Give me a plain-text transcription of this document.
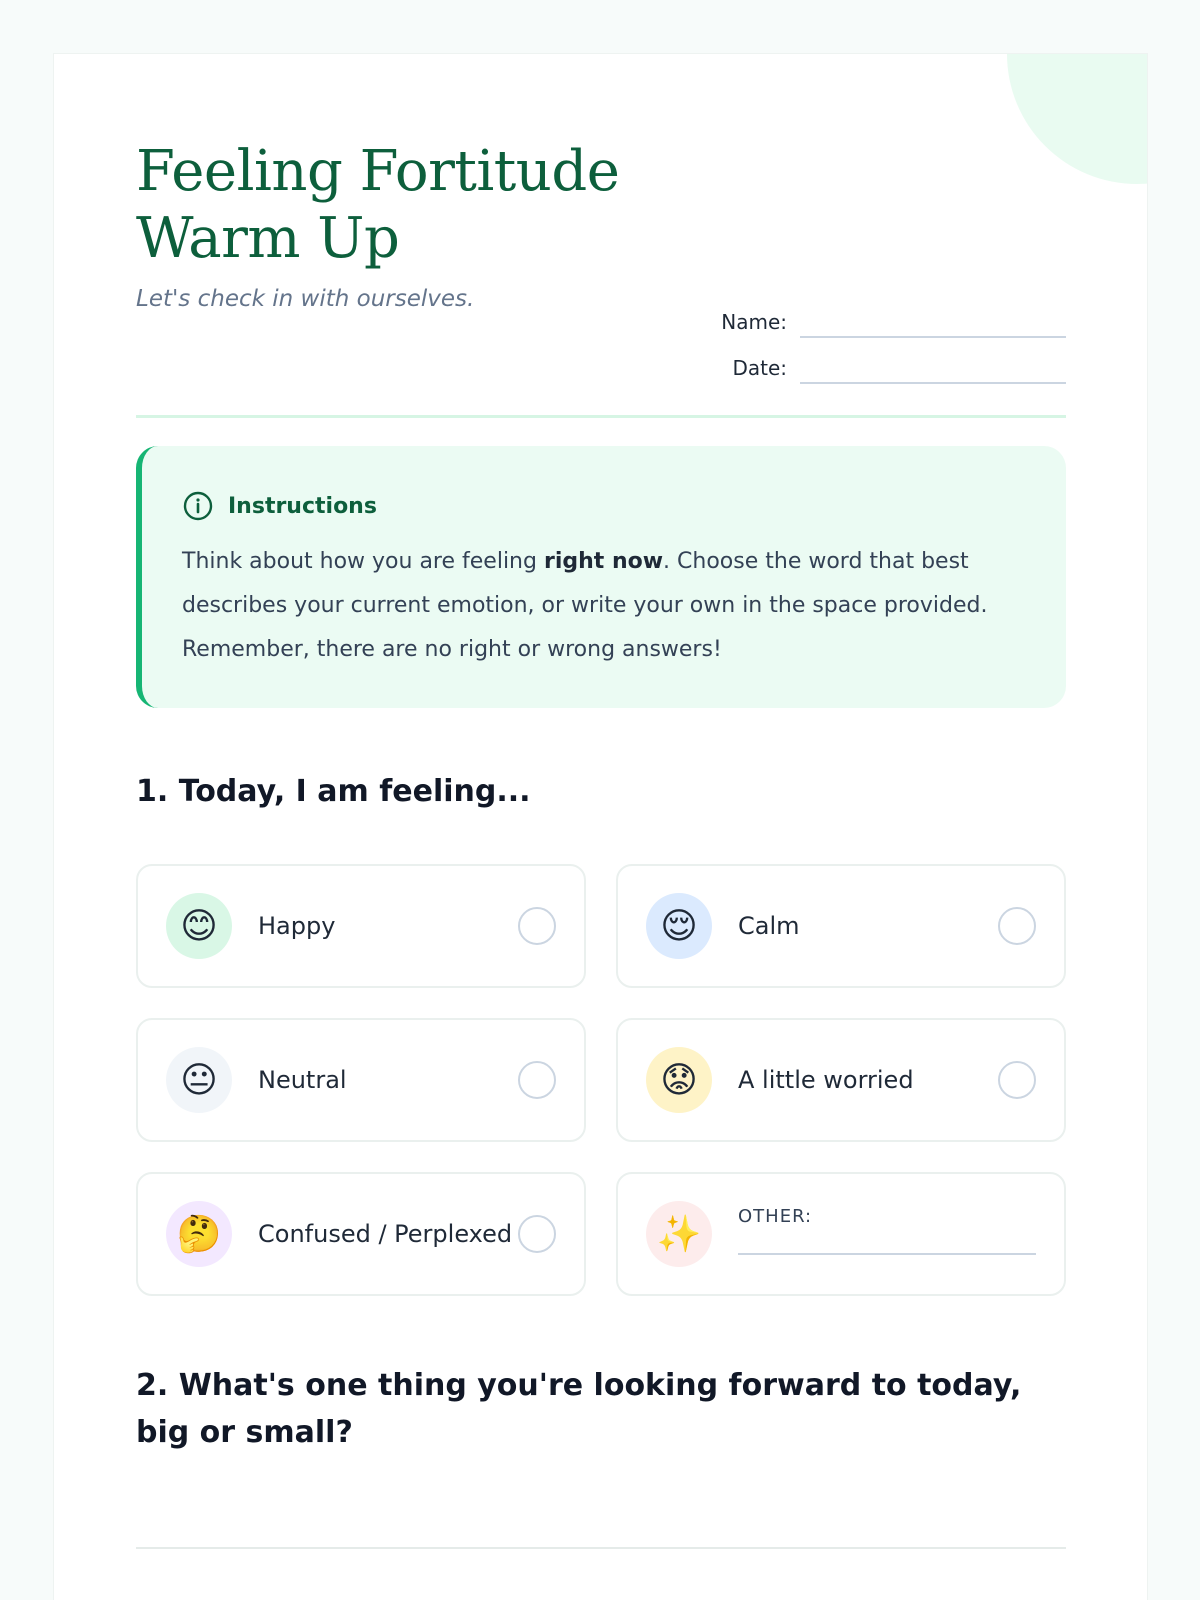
Feeling Fortitude
Warm Up
Let's check in with ourselves.
Name:
Date:
Instructions

Think about how you are feeling right now. Choose the word that best describes your current emotion, or write your own in the space provided. Remember, there are no right or wrong answers!

1. Today, I am feeling...
😊	Happy	😌	Calm
😐	Neutral	😟	A little worried
🤔	Confused / Perplexed	✨	OTHER:
2. What's one thing you're looking forward to today, big or small?
